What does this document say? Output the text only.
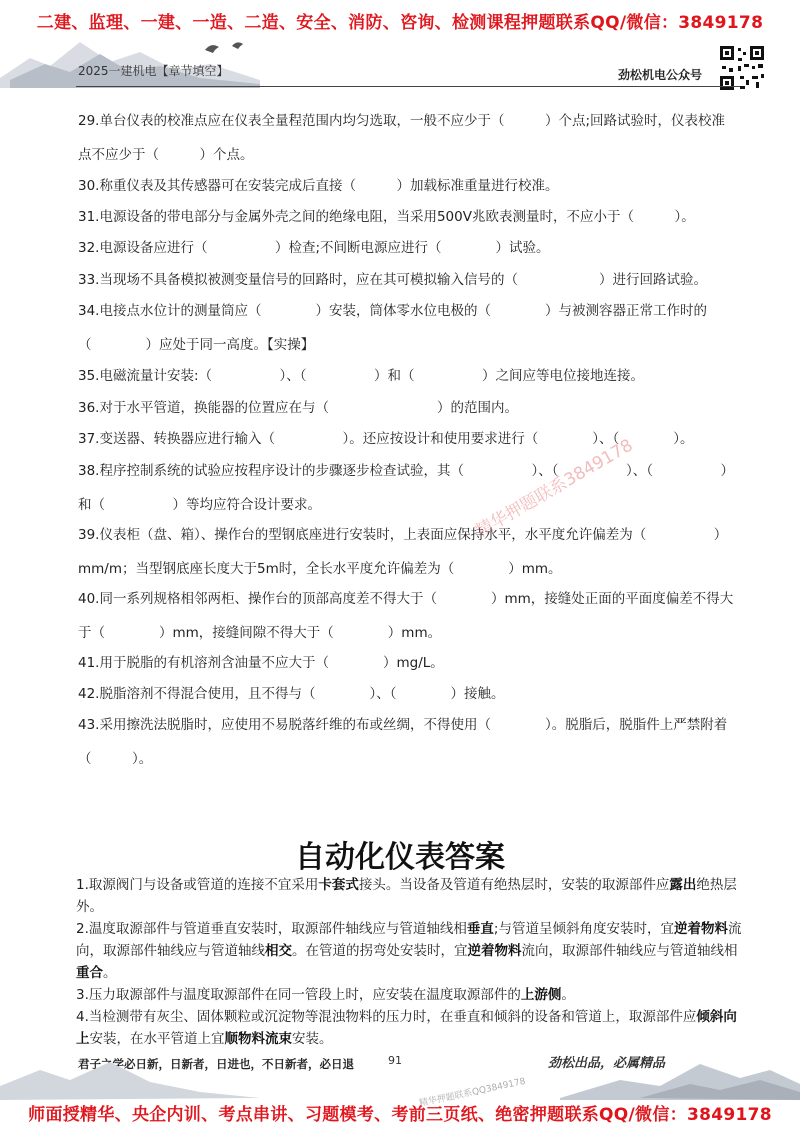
二建、监理、一建、一造、二造、安全、消防、咨询、检测课程押题联系QQ/微信：3849178
2025一建机电【章节填空】	劲松机电公众号
29.单台仪表的校准点应在仪表全量程范围内均匀选取，一般不应少于（　　　）个点;回路试验时，仪表校准点不应少于（　　　）个点。
30.称重仪表及其传感器可在安装完成后直接（　　　）加载标准重量进行校准。
31.电源设备的带电部分与金属外壳之间的绝缘电阻，当采用500V兆欧表测量时，不应小于（　　　）。
32.电源设备应进行（　　　　　）检查;不间断电源应进行（　　　　）试验。
33.当现场不具备模拟被测变量信号的回路时，应在其可模拟输入信号的（　　　　　　）进行回路试验。
34.电接点水位计的测量筒应（　　　　）安装，筒体零水位电极的（　　　　）与被测容器正常工作时的（　　　　）应处于同一高度。【实操】
35.电磁流量计安装:（　　　　　）、（　　　　　）和（　　　　　）之间应等电位接地连接。
36.对于水平管道，换能器的位置应在与（　　　　　　　　）的范围内。
37.变送器、转换器应进行输入（　　　　　）。还应按设计和使用要求进行（　　　　）、（　　　　）。
38.程序控制系统的试验应按程序设计的步骤逐步检查试验，其（　　　　　）、（　　　　　）、（　　　　　）和（　　　　　）等均应符合设计要求。
39.仪表柜（盘、箱）、操作台的型钢底座进行安装时，上表面应保持水平，水平度允许偏差为（　　　　　）mm/m；当型钢底座长度大于5m时，全长水平度允许偏差为（　　　　）mm。
40.同一系列规格相邻两柜、操作台的顶部高度差不得大于（　　　　）mm，接缝处正面的平面度偏差不得大于（　　　　）mm，接缝间隙不得大于（　　　　）mm。
41.用于脱脂的有机溶剂含油量不应大于（　　　　）mg/L。
42.脱脂溶剂不得混合使用，且不得与（　　　　）、（　　　　）接触。
43.采用擦洗法脱脂时，应使用不易脱落纤维的布或丝绸，不得使用（　　　　）。脱脂后，脱脂件上严禁附着（　　　）。
精华押题联系3849178
自动化仪表答案
1.取源阀门与设备或管道的连接不宜采用卡套式接头。当设备及管道有绝热层时，安装的取源部件应露出绝热层外。
2.温度取源部件与管道垂直安装时，取源部件轴线应与管道轴线相垂直;与管道呈倾斜角度安装时，宜逆着物料流向，取源部件轴线应与管道轴线相交。在管道的拐弯处安装时，宜逆着物料流向，取源部件轴线应与管道轴线相重合。
3.压力取源部件与温度取源部件在同一管段上时，应安装在温度取源部件的上游侧。
4.当检测带有灰尘、固体颗粒或沉淀物等混浊物料的压力时，在垂直和倾斜的设备和管道上，取源部件应倾斜向上安装，在水平管道上宜顺物料流束安装。
君子之学必日新，日新者，日进也，不日新者，必日退	91	劲松出品，必属精品
精华押题联系QQ3849178
师面授精华、央企内训、考点串讲、习题模考、考前三页纸、绝密押题联系QQ/微信：3849178
